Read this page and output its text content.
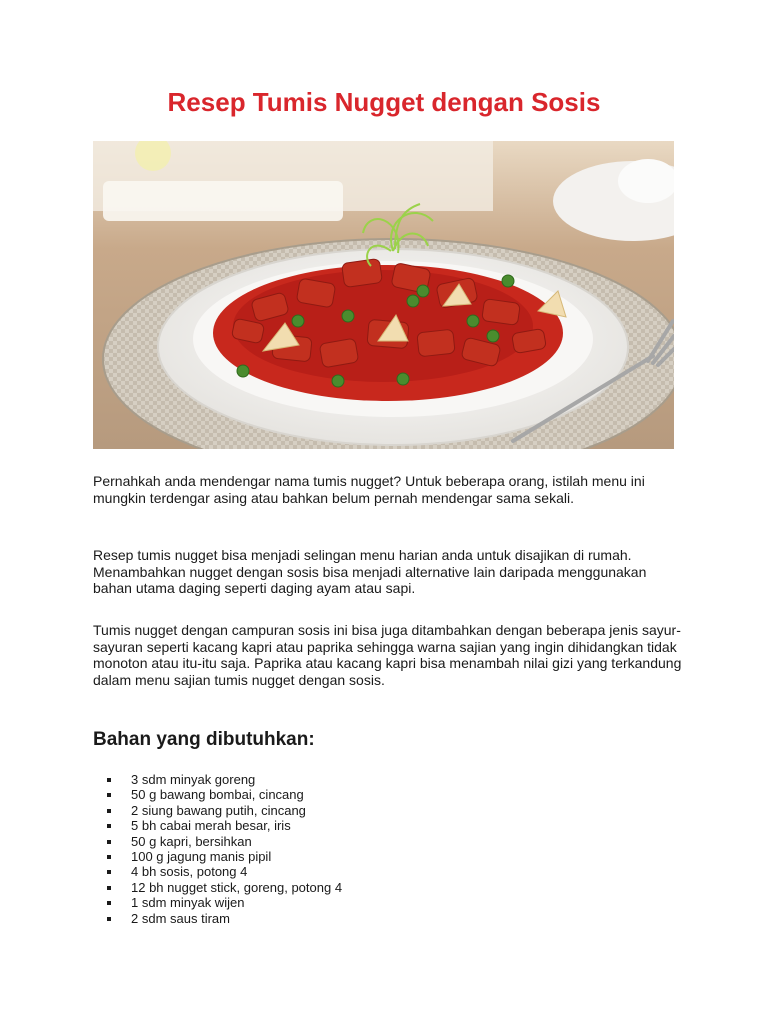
Resep Tumis Nugget dengan Sosis

Pernahkah anda mendengar nama tumis nugget? Untuk beberapa orang, istilah menu ini mungkin terdengar asing atau bahkan belum pernah mendengar sama sekali.

Resep tumis nugget bisa menjadi selingan menu harian anda untuk disajikan di rumah. Menambahkan nugget dengan sosis bisa menjadi alternative lain daripada menggunakan bahan utama daging seperti daging ayam atau sapi.

Tumis nugget dengan campuran sosis ini bisa juga ditambahkan dengan beberapa jenis sayur-sayuran seperti kacang kapri atau paprika sehingga warna sajian yang ingin dihidangkan tidak monoton atau itu-itu saja. Paprika atau kacang kapri bisa menambah nilai gizi yang terkandung dalam menu sajian tumis nugget dengan sosis.

Bahan yang dibutuhkan:
3 sdm minyak goreng
50 g bawang bombai, cincang
2 siung bawang putih, cincang
5 bh cabai merah besar, iris
50 g kapri, bersihkan
100 g jagung manis pipil
4 bh sosis, potong 4
12 bh nugget stick, goreng, potong 4
1 sdm minyak wijen
2 sdm saus tiram
